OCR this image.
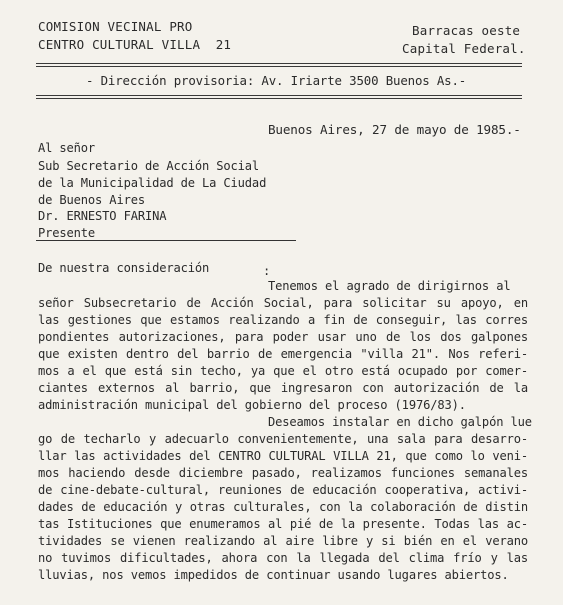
COMISION VECINAL PRO
CENTRO CULTURAL VILLA  21
Barracas oeste
Capital Federal.
- Dirección provisoria: Av. Iriarte 3500 Buenos As.-
Buenos Aires, 27 de mayo de 1985.-
Al señor
Sub Secretario de Acción Social
de la Municipalidad de La Ciudad
de Buenos Aires
Dr. ERNESTO FARINA
Presente
De nuestra consideración	:
Tenemos el agrado de dirigirnos al
señor Subsecretario de Acción Social, para solicitar su apoyo, en
las gestiones que estamos realizando a fin de conseguir, las corres
pondientes autorizaciones, para poder usar uno de los dos galpones
que existen dentro del barrio de emergencia "villa 21". Nos referi-
mos a el que está sin techo, ya que el otro está ocupado por comer-
ciantes externos al barrio, que ingresaron con autorización de la
administración municipal del gobierno del proceso (1976/83).
Deseamos instalar en dicho galpón lue
go de techarlo y adecuarlo convenientemente, una sala para desarro-
llar las actividades del CENTRO CULTURAL VILLA 21, que como lo veni-
mos haciendo desde diciembre pasado, realizamos funciones semanales
de cine-debate-cultural, reuniones de educación cooperativa, activi-
dades de educación y otras culturales, con la colaboración de distin
tas Istituciones que enumeramos al pié de la presente. Todas las ac-
tividades se vienen realizando al aire libre y si bién en el verano
no tuvimos dificultades, ahora con la llegada del clima frío y las
lluvias, nos vemos impedidos de continuar usando lugares abiertos.
